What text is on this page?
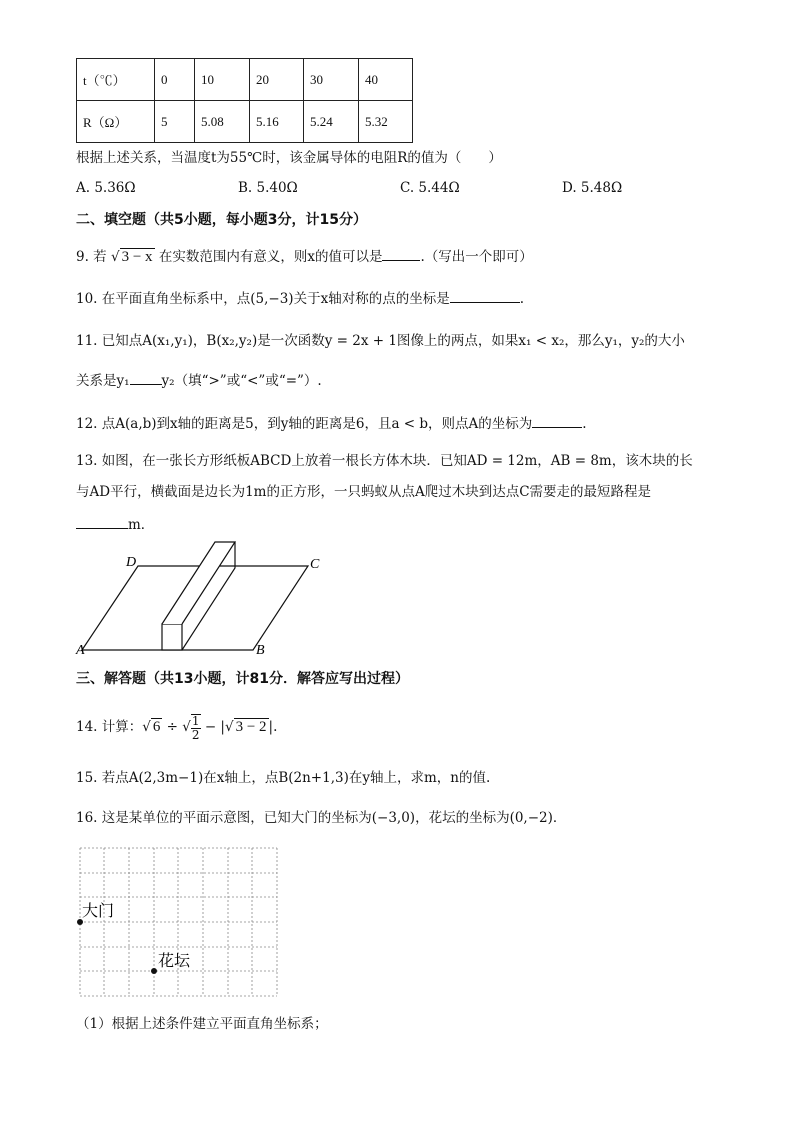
t（℃）	0	10	20	30	40
R（Ω）	5	5.08	5.16	5.24	5.32
根据上述关系，当温度t为55℃时，该金属导体的电阻R的值为（　　）
A. 5.36Ω	B. 5.40Ω	C. 5.44Ω	D. 5.48Ω
二、填空题（共5小题，每小题3分，计15分）
9. 若 √ 3 − x 在实数范围内有意义，则x的值可以是	.（写出一个即可）
10. 在平面直角坐标系中，点(5,−3)关于x轴对称的点的坐标是	.
11. 已知点A(x₁,y₁)，B(x₂,y₂)是一次函数y = 2x + 1图像上的两点，如果x₁ < x₂，那么y₁，y₂的大小
关系是y₁ y₂（填“>”或“<”或“=”）.
12. 点A(a,b)到x轴的距离是5，到y轴的距离是6，且a < b，则点A的坐标为	.
13. 如图，在一张长方形纸板ABCD上放着一根长方体木块．已知AD = 12m，AB = 8m，该木块的长
与AD平行，横截面是边长为1m的正方形，一只蚂蚁从点A爬过木块到达点C需要走的最短路程是
m．
D	C
A	B
三、解答题（共13小题，计81分．解答应写出过程）
14. 计算：√ 6 ÷ √ $\frac{1}{2}$ − |√ 3 − 2 |.
15. 若点A(2,3m−1)在x轴上，点B(2n+1,3)在y轴上，求m，n的值.
16. 这是某单位的平面示意图，已知大门的坐标为(−3,0)，花坛的坐标为(0,−2)．
大门
花坛
（1）根据上述条件建立平面直角坐标系；
